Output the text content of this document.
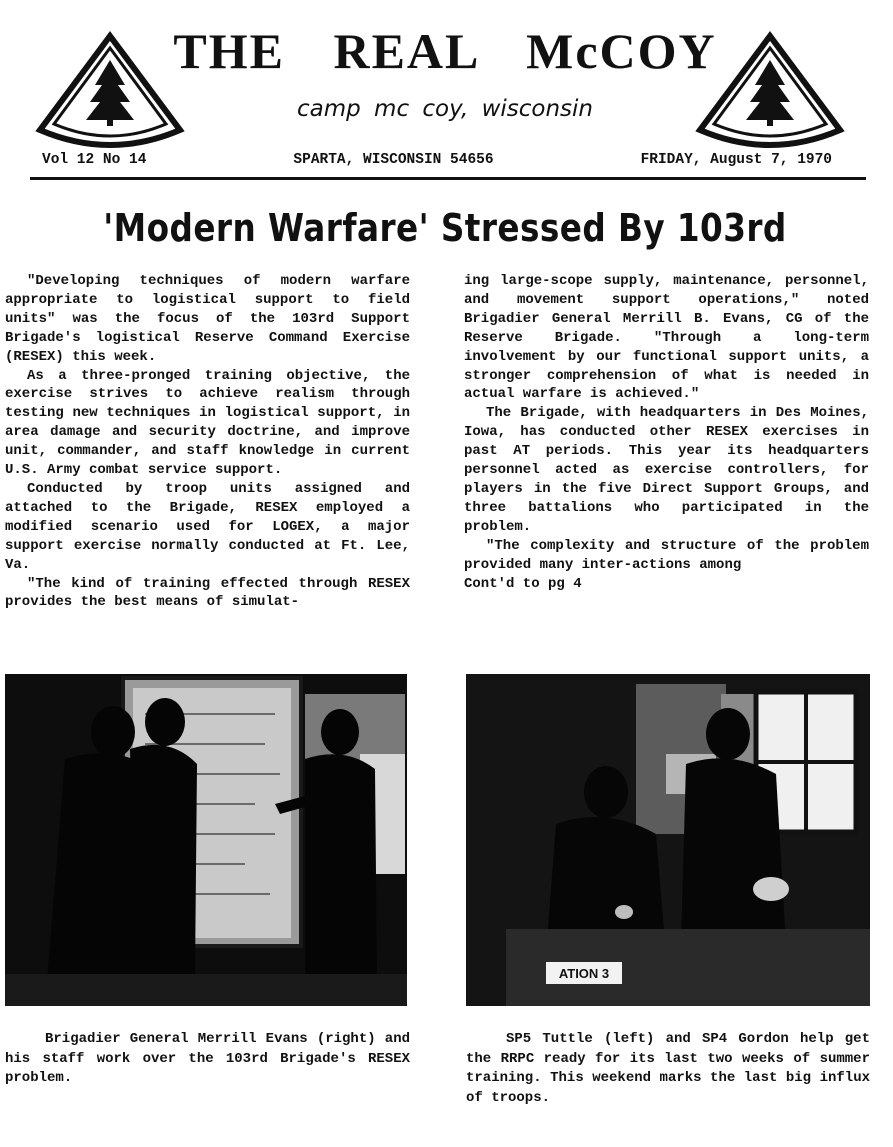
THE REAL McCOY
camp mc coy, wisconsin
Vol 12 No 14	SPARTA, WISCONSIN 54656	FRIDAY, August 7, 1970
'Modern Warfare' Stressed By 103rd

"Developing techniques of modern warfare appropriate to logistical support to field units" was the focus of the 103rd Support Brigade's logistical Reserve Command Exercise (RESEX) this week.

As a three-pronged training objective, the exercise strives to achieve realism through testing new techniques in logistical support, in area damage and security doctrine, and improve unit, commander, and staff knowledge in current U.S. Army combat service support.

Conducted by troop units assigned and attached to the Brigade, RESEX employed a modified scenario used for LOGEX, a major support exercise normally conducted at Ft. Lee, Va.

"The kind of training effected through RESEX provides the best means of simulat-

ing large-scope supply, maintenance, personnel, and movement support operations," noted Brigadier General Merrill B. Evans, CG of the Reserve Brigade. "Through a long-term involvement by our functional support units, a stronger comprehension of what is needed in actual warfare is achieved."

The Brigade, with headquarters in Des Moines, Iowa, has conducted other RESEX exercises in past AT periods. This year its headquarters personnel acted as exercise controllers, for players in the five Direct Support Groups, and three battalions who participated in the problem.

"The complexity and structure of the problem provided many inter-actions among

Cont'd to pg 4

ATION 3
Brigadier General Merrill Evans (right) and his staff work over the 103rd Brigade's RESEX problem.
SP5 Tuttle (left) and SP4 Gordon help get the RRPC ready for its last two weeks of summer training. This weekend marks the last big influx of troops.
